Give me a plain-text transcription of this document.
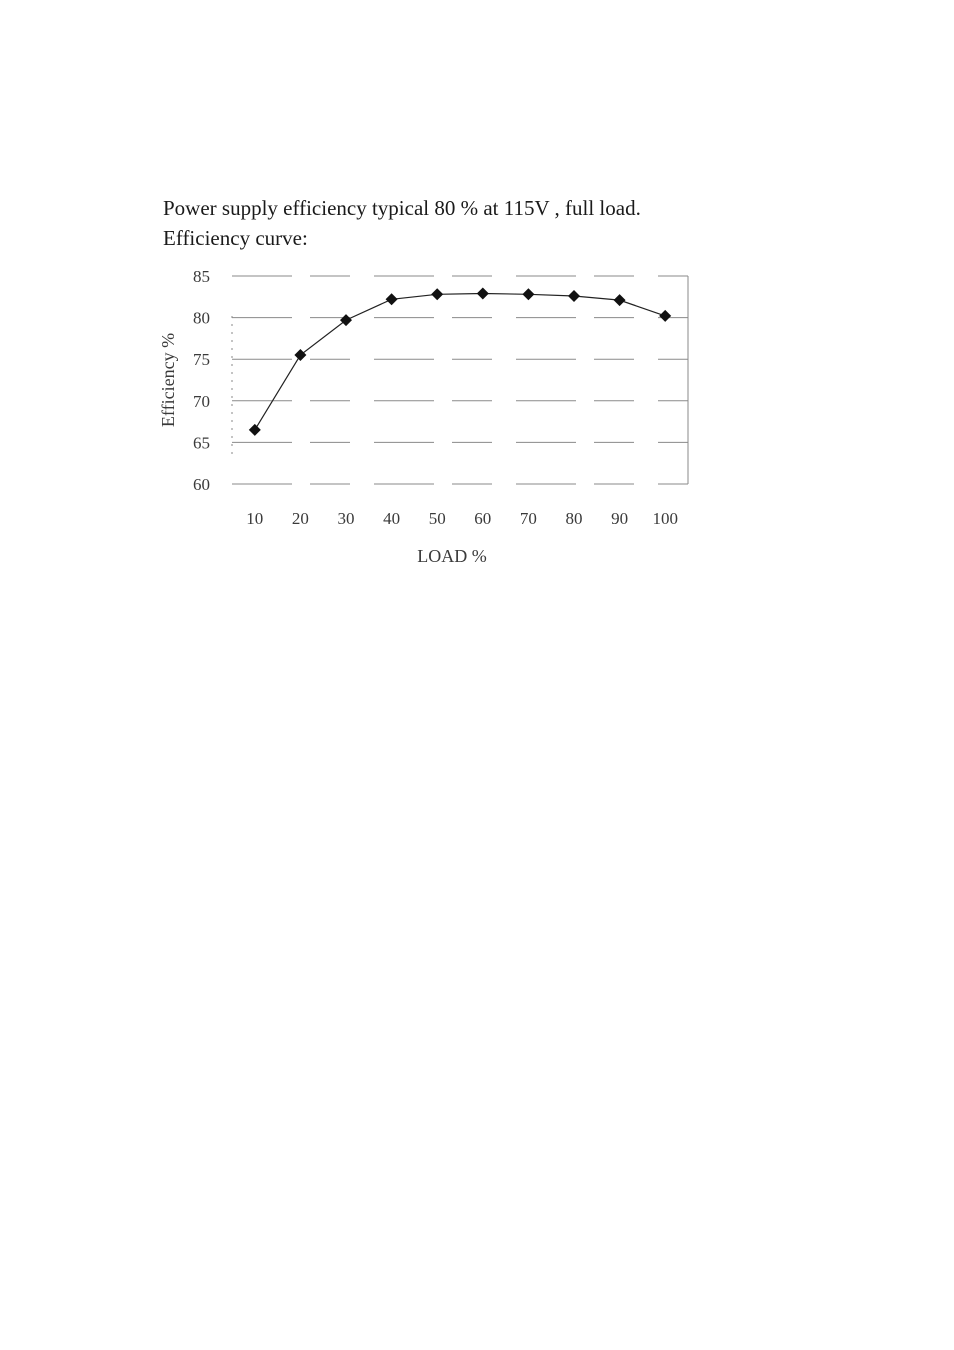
Power supply efficiency typical 80 % at 115V , full load.
Efficiency curve:
60
65
70
75
80
85
10 20 30 40 50 60 70 80 90 100
Efficiency %
LOAD %
